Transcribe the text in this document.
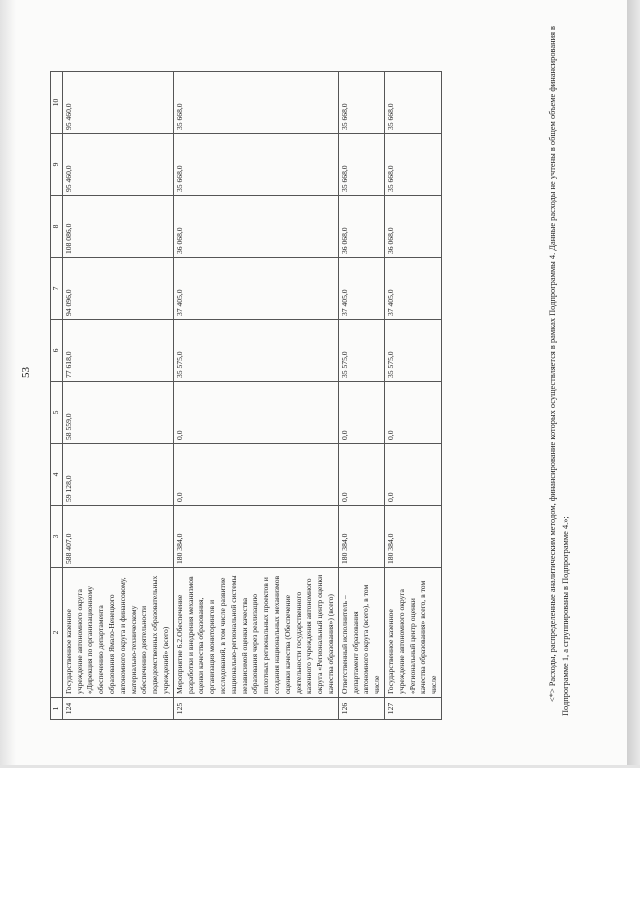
53
1	2	3	4	5	6	7	8	9	10
124	Государственное казенное учреждение автономного округа «Дирекция по организационному обеспечению департамента образования Ямало-Ненецкого автономного округа и финансовому, материально-техническому обеспечению деятельности подведомственных образовательных учреждений» (всего)	588 407,0	59 128,0	58 559,0	77 618,0	94 096,0	108 086,0	95 460,0	95 460,0
125	Мероприятие 6.2.Обеспечение разработки и внедрения механизмов оценки качества образования, организация мониторингов и исследований, в том числе развитие национально-региональной системы независимой оценки качества образования через реализацию пилотных региональных проектов и создания национальных механизмов оценки качества (Обеспечение деятельности государственного казенного учреждения автономного округа «Региональный центр оценки качества образования») (всего)	180 384,0	0,0	0,0	35 575,0	37 405,0	36 068,0	35 668,0	35 668,0
126	Ответственный исполнитель – департамент образования автономного округа (всего), в том числе	180 384,0	0,0	0,0	35 575,0	37 405,0	36 068,0	35 668,0	35 668,0
127	Государственное казенное учреждение автономного округа «Региональный центр оценки качества образования» всего, в том числе	180 384,0	0,0	0,0	35 575,0	37 405,0	36 068,0	35 668,0	35 668,0	<*> Расходы, распределенные аналитическим методом, финансирование которых осуществляется в рамках Подпрограммы 4. Данные расходы не учтены в общем объеме финансирования в Подпрограмме 1, а сгруппированы в Подпрограмме 4.»;
